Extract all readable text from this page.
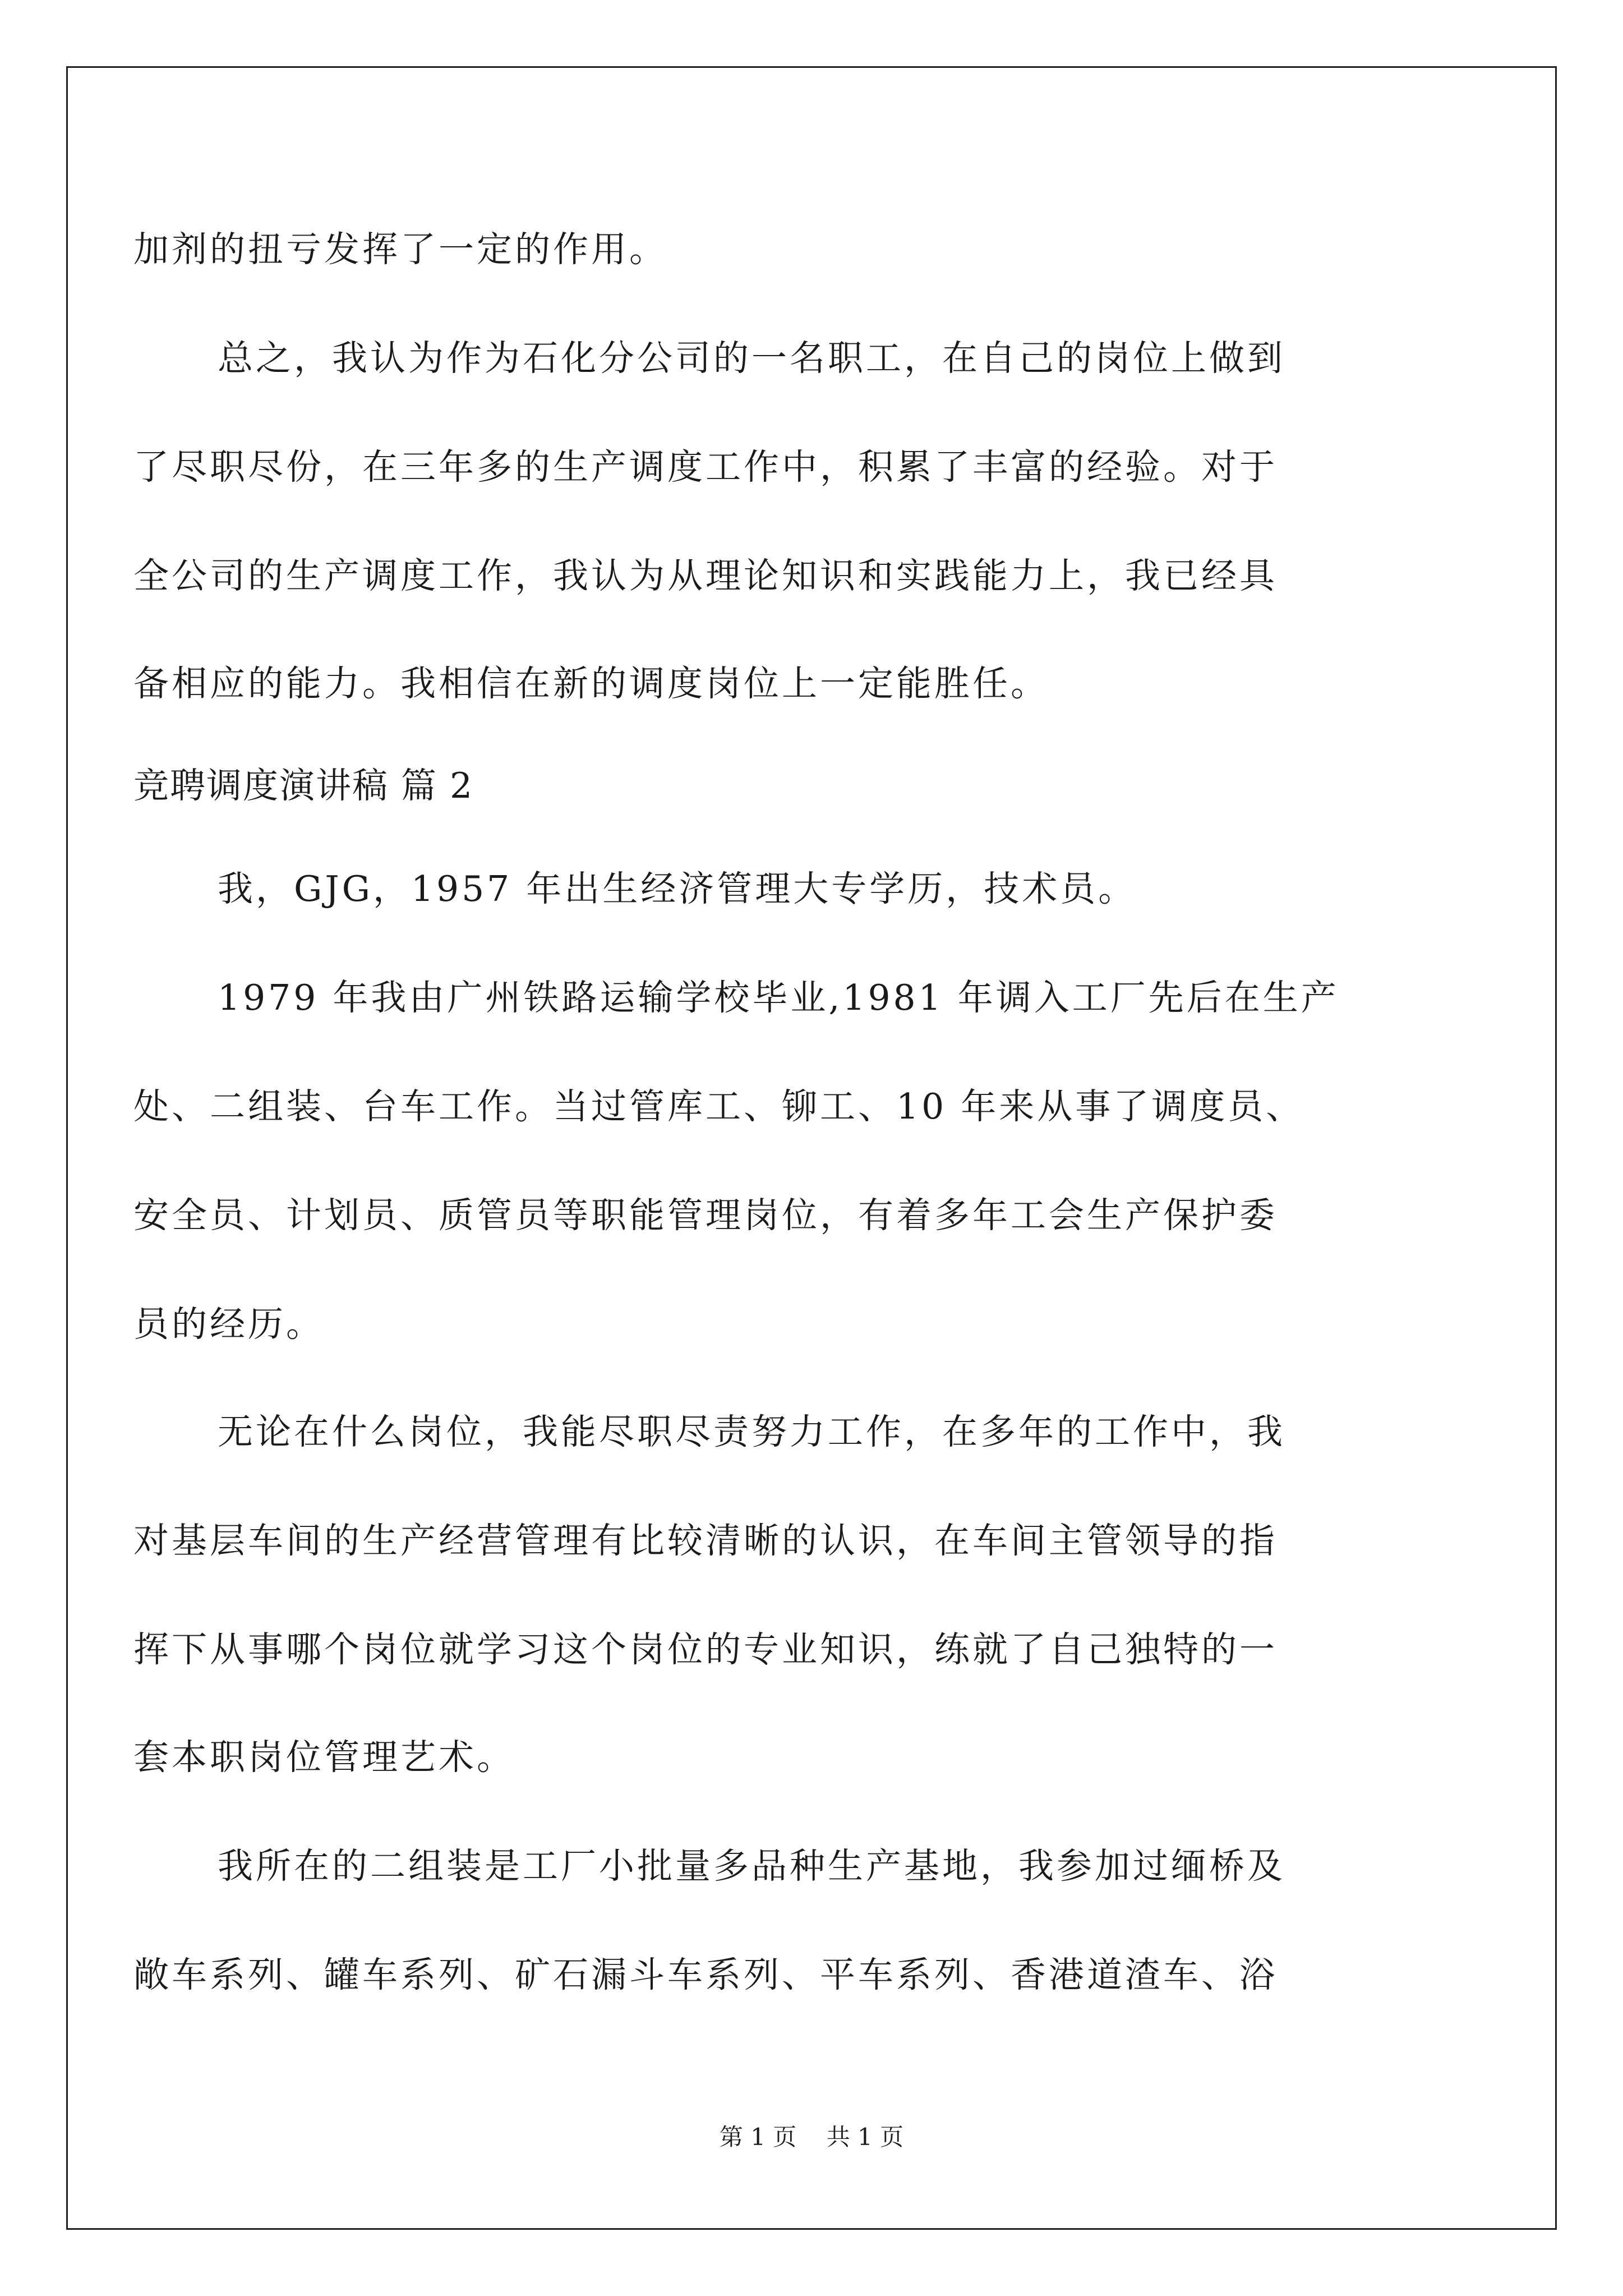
加剂的扭亏发挥了一定的作用。
总之，我认为作为石化分公司的一名职工，在自己的岗位上做到
了尽职尽份，在三年多的生产调度工作中，积累了丰富的经验。对于
全公司的生产调度工作，我认为从理论知识和实践能力上，我已经具
备相应的能力。我相信在新的调度岗位上一定能胜任。
竞聘调度演讲稿 篇 2
我，GJG，1957 年出生经济管理大专学历，技术员。
1979 年我由广州铁路运输学校毕业,1981 年调入工厂先后在生产
处、二组装、台车工作。当过管库工、铆工、10 年来从事了调度员、
安全员、计划员、质管员等职能管理岗位，有着多年工会生产保护委
员的经历。
无论在什么岗位，我能尽职尽责努力工作，在多年的工作中，我
对基层车间的生产经营管理有比较清晰的认识，在车间主管领导的指
挥下从事哪个岗位就学习这个岗位的专业知识，练就了自己独特的一
套本职岗位管理艺术。
我所在的二组装是工厂小批量多品种生产基地，我参加过缅桥及
敞车系列、罐车系列、矿石漏斗车系列、平车系列、香港道渣车、浴
第 1 页    共 1 页
